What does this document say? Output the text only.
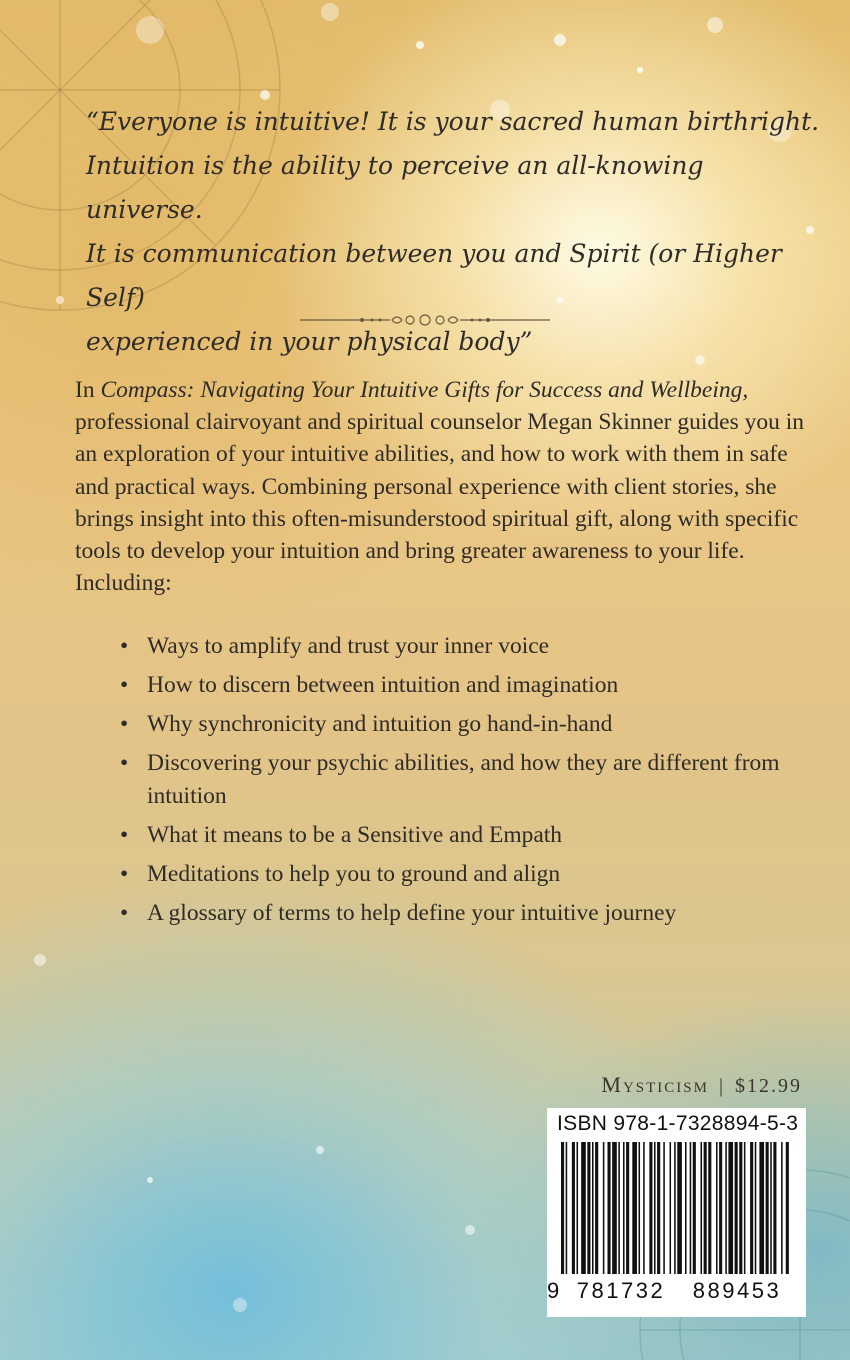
“Everyone is intuitive! It is your sacred human birthright.
Intuition is the ability to perceive an all-knowing universe.
It is communication between you and Spirit (or Higher Self)
experienced in your physical body”

In Compass: Navigating Your Intuitive Gifts for Success and Wellbeing, professional clairvoyant and spiritual counselor Megan Skinner guides you in an exploration of your intuitive abilities, and how to work with them in safe and practical ways. Combining personal experience with client stories, she brings insight into this often-misunderstood spiritual gift, along with specific tools to develop your intuition and bring greater awareness to your life. Including:

• Ways to amplify and trust your inner voice
• How to discern between intuition and imagination
• Why synchronicity and intuition go hand-in-hand
• Discovering your psychic abilities, and how they are different from intuition
• What it means to be a Sensitive and Empath
• Meditations to help you to ground and align
• A glossary of terms to help define your intuitive journey

Mysticism | $12.99

ISBN 978-1-7328894-5-3

9 781732	889453
